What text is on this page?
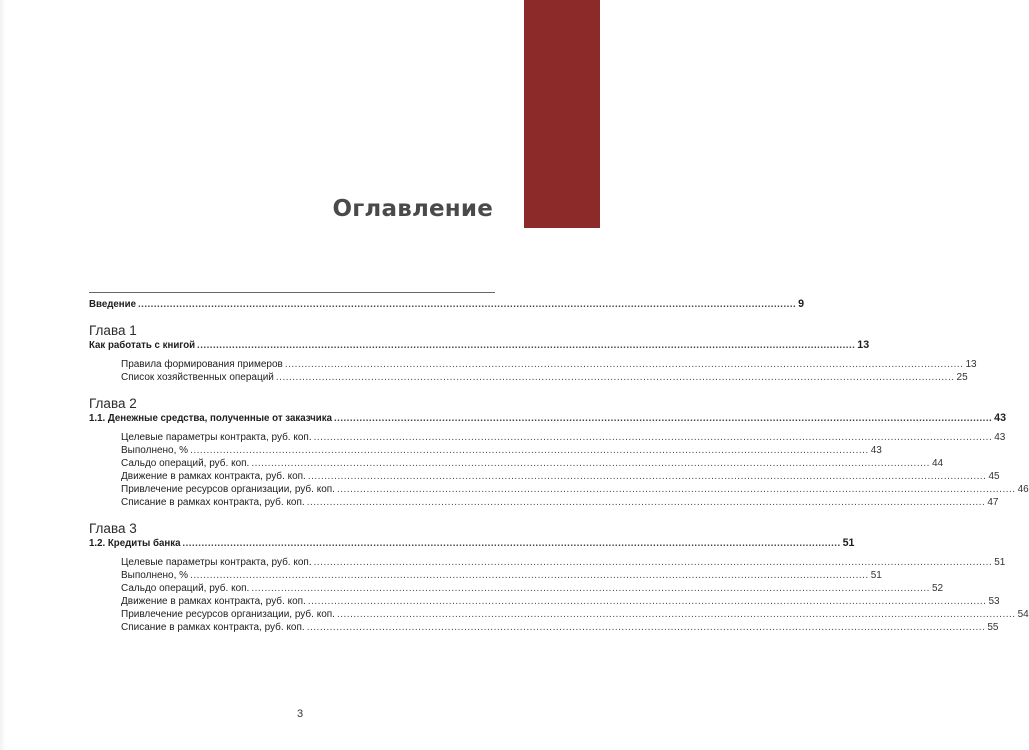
Оглавление
Введение ............................................................................................................................................................................................................... 9
Глава 1
Как работать с книгой ............................................................................................................................................................................................................... 13
Правила формирования примеров ............................................................................................................................................................................................................... 13
Список хозяйственных операций ............................................................................................................................................................................................................... 25
Глава 2
1.1. Денежные средства, полученные от заказчика ............................................................................................................................................................................................................... 43
Целевые параметры контракта, руб. коп. ............................................................................................................................................................................................................... 43
Выполнено, % ............................................................................................................................................................................................................... 43
Сальдо операций, руб. коп. ............................................................................................................................................................................................................... 44
Движение в рамках контракта, руб. коп. ............................................................................................................................................................................................................... 45
Привлечение ресурсов организации, руб. коп. ............................................................................................................................................................................................................... 46
Списание в рамках контракта, руб. коп. ............................................................................................................................................................................................................... 47
Глава 3
1.2. Кредиты банка ............................................................................................................................................................................................................... 51
Целевые параметры контракта, руб. коп. ............................................................................................................................................................................................................... 51
Выполнено, % ............................................................................................................................................................................................................... 51
Сальдо операций, руб. коп. ............................................................................................................................................................................................................... 52
Движение в рамках контракта, руб. коп. ............................................................................................................................................................................................................... 53
Привлечение ресурсов организации, руб. коп. ............................................................................................................................................................................................................... 54
Списание в рамках контракта, руб. коп. ............................................................................................................................................................................................................... 55
3
